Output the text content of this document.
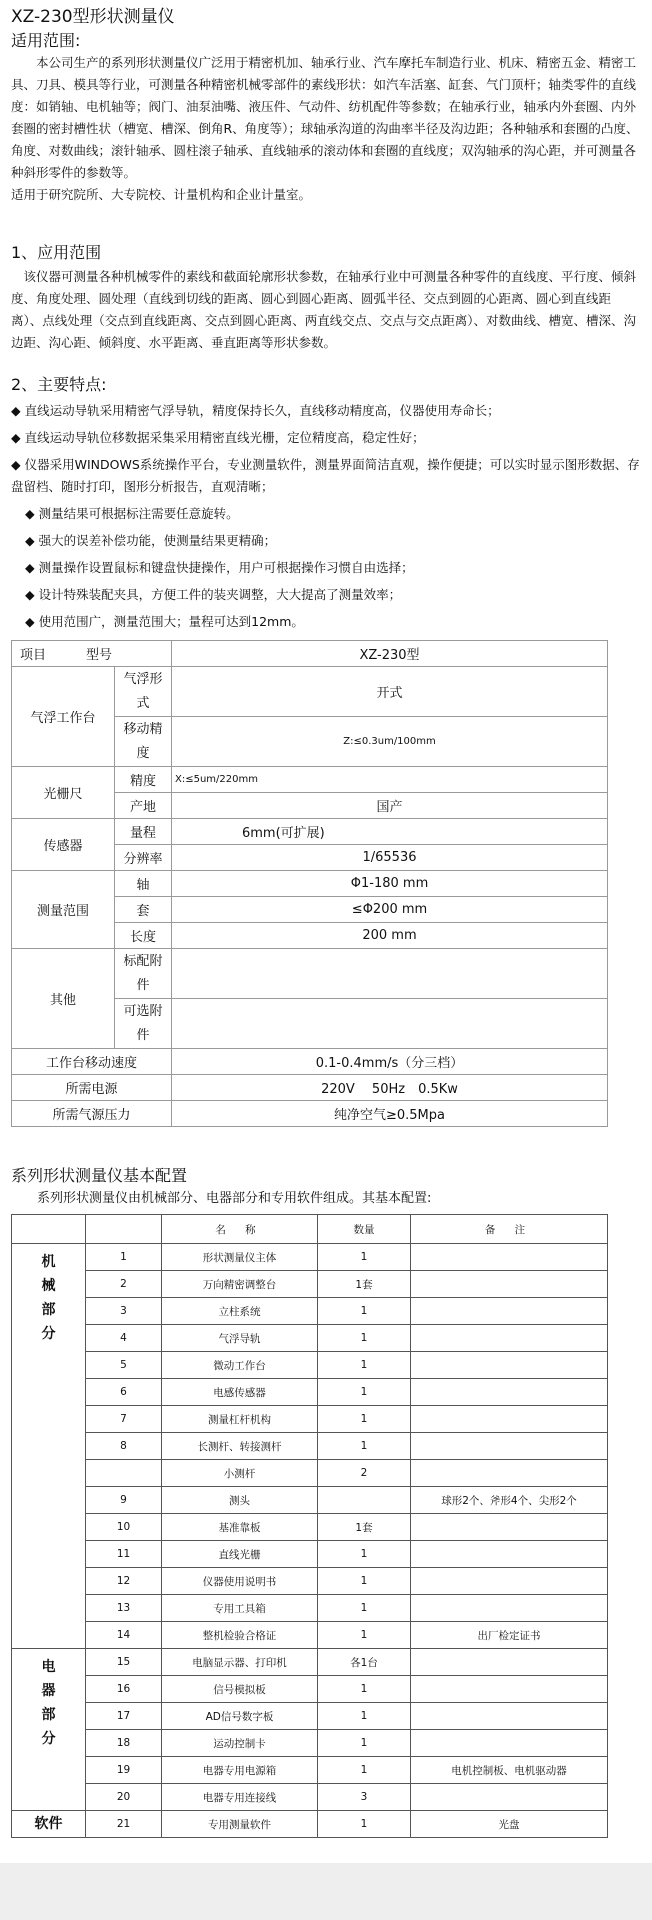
XZ-230型形状测量仪
适用范围:

本公司生产的系列形状测量仪广泛用于精密机加、轴承行业、汽车摩托车制造行业、机床、精密五金、精密工具、刀具、模具等行业，可测量各种精密机械零部件的素线形状：如汽车活塞、缸套、气门顶杆；轴类零件的直线度：如销轴、电机轴等；阀门、油泵油嘴、液压件、气动件、纺机配件等参数；在轴承行业，轴承内外套圈、内外套圈的密封槽性状（槽宽、槽深、倒角R、角度等）；球轴承沟道的沟曲率半径及沟边距；各种轴承和套圈的凸度、角度、对数曲线；滚针轴承、圆柱滚子轴承、直线轴承的滚动体和套圈的直线度；双沟轴承的沟心距，并可测量各种斜形零件的参数等。

适用于研究院所、大专院校、计量机构和企业计量室。

1、应用范围

该仪器可测量各种机械零件的素线和截面轮廓形状参数，在轴承行业中可测量各种零件的直线度、平行度、倾斜度、角度处理、圆处理（直线到切线的距离、圆心到圆心距离、圆弧半径、交点到圆的心距离、圆心到直线距离）、点线处理（交点到直线距离、交点到圆心距离、两直线交点、交点与交点距离）、对数曲线、槽宽、槽深、沟边距、沟心距、倾斜度、水平距离、垂直距离等形状参数。

2、主要特点:
◆ 直线运动导轨采用精密气浮导轨，精度保持长久，直线移动精度高，仪器使用寿命长；
◆ 直线运动导轨位移数据采集采用精密直线光栅，定位精度高，稳定性好；
◆ 仪器采用WINDOWS系统操作平台，专业测量软件，测量界面简洁直观，操作便捷；可以实时显示图形数据、存盘留档、随时打印，图形分析报告，直观清晰；
◆ 测量结果可根据标注需要任意旋转。
◆ 强大的误差补偿功能，使测量结果更精确；
◆ 测量操作设置鼠标和键盘快捷操作，用户可根据操作习惯自由选择；
◆ 设计特殊装配夹具，方便工件的装夹调整，大大提高了测量效率；
◆ 使用范围广，测量范围大；量程可达到12mm。
项目 型号		XZ-230型
气浮工作台	气浮形式	开式
	移动精度	Z:≤0.3um/100mm
光栅尺	精度	X:≤5um/220mm
	产地	国产
传感器	量程	6mm(可扩展)
	分辨率	1/65536
测量范围	轴	Φ1-180 mm
	套	≤Φ200 mm
	长度	200 mm
其他	标配附件	
	可选附件	
工作台移动速度		0.1-0.4mm/s（分三档）
所需电源		220V　 50Hz　0.5Kw
所需气源压力		纯净空气≥0.5Mpa
系列形状测量仪基本配置

系列形状测量仪由机械部分、电器部分和专用软件组成。其基本配置:

		名 称	数量	备 注
机
械
部
分	1	形状测量仪主体	1	
	2	万向精密调整台	1套	
	3	立柱系统	1	
	4	气浮导轨	1	
	5	微动工作台	1	
	6	电感传感器	1	
	7	测量杠杆机构	1	
	8	长测杆、转接测杆	1	
		小测杆	2	
	9	测头		球形2个、斧形4个、尖形2个
	10	基准靠板	1套	
	11	直线光栅	1	
	12	仪器使用说明书	1	
	13	专用工具箱	1	
	14	整机检验合格证	1	出厂检定证书
电
器
部
分	15	电脑显示器、打印机	各1台	
	16	信号模拟板	1	
	17	AD信号数字板	1	
	18	运动控制卡	1	
	19	电器专用电源箱	1	电机控制板、电机驱动器
	20	电器专用连接线	3	
软件	21	专用测量软件	1	光盘
